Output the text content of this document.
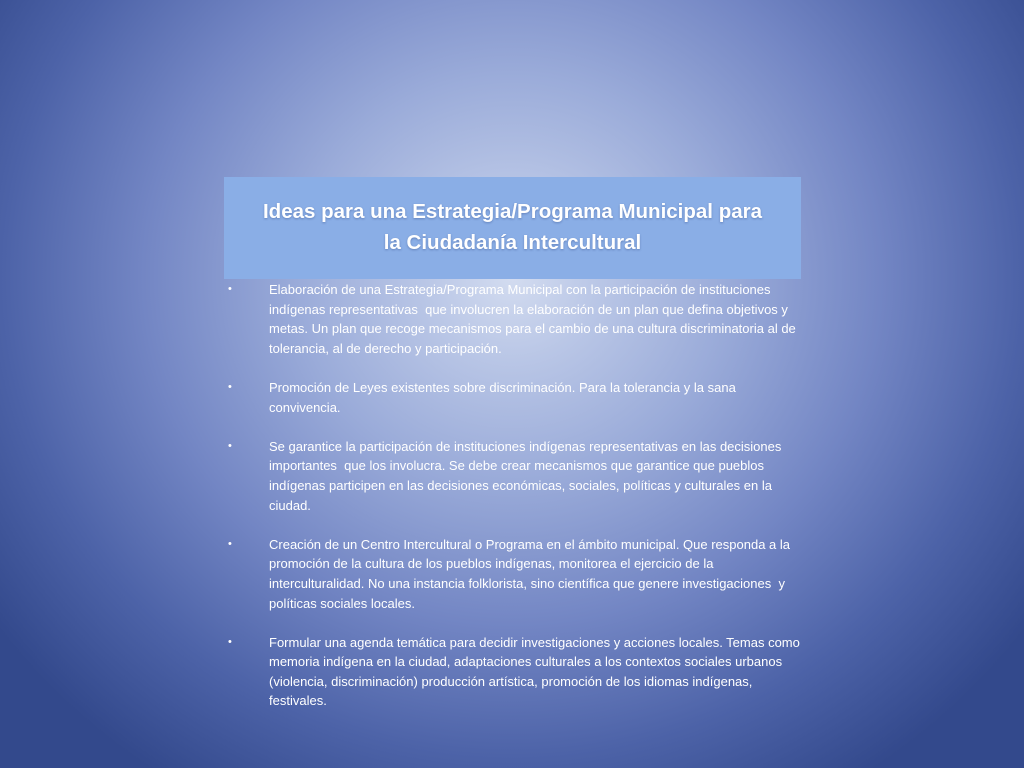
Ideas para una Estrategia/Programa Municipal para
la Ciudadanía Intercultural
•	Elaboración de una Estrategia/Programa Municipal con la participación de instituciones indígenas representativas  que involucren la elaboración de un plan que defina objetivos y metas. Un plan que recoge mecanismos para el cambio de una cultura discriminatoria al de tolerancia, al de derecho y participación.
•	Promoción de Leyes existentes sobre discriminación. Para la tolerancia y la sana convivencia.
•	Se garantice la participación de instituciones indígenas representativas en las decisiones importantes  que los involucra. Se debe crear mecanismos que garantice que pueblos indígenas participen en las decisiones económicas, sociales, políticas y culturales en la ciudad.
•	Creación de un Centro Intercultural o Programa en el ámbito municipal. Que responda a la promoción de la cultura de los pueblos indígenas, monitorea el ejercicio de la interculturalidad. No una instancia folklorista, sino científica que genere investigaciones  y políticas sociales locales.
•	Formular una agenda temática para decidir investigaciones y acciones locales. Temas como memoria indígena en la ciudad, adaptaciones culturales a los contextos sociales urbanos (violencia, discriminación) producción artística, promoción de los idiomas indígenas, festivales.
